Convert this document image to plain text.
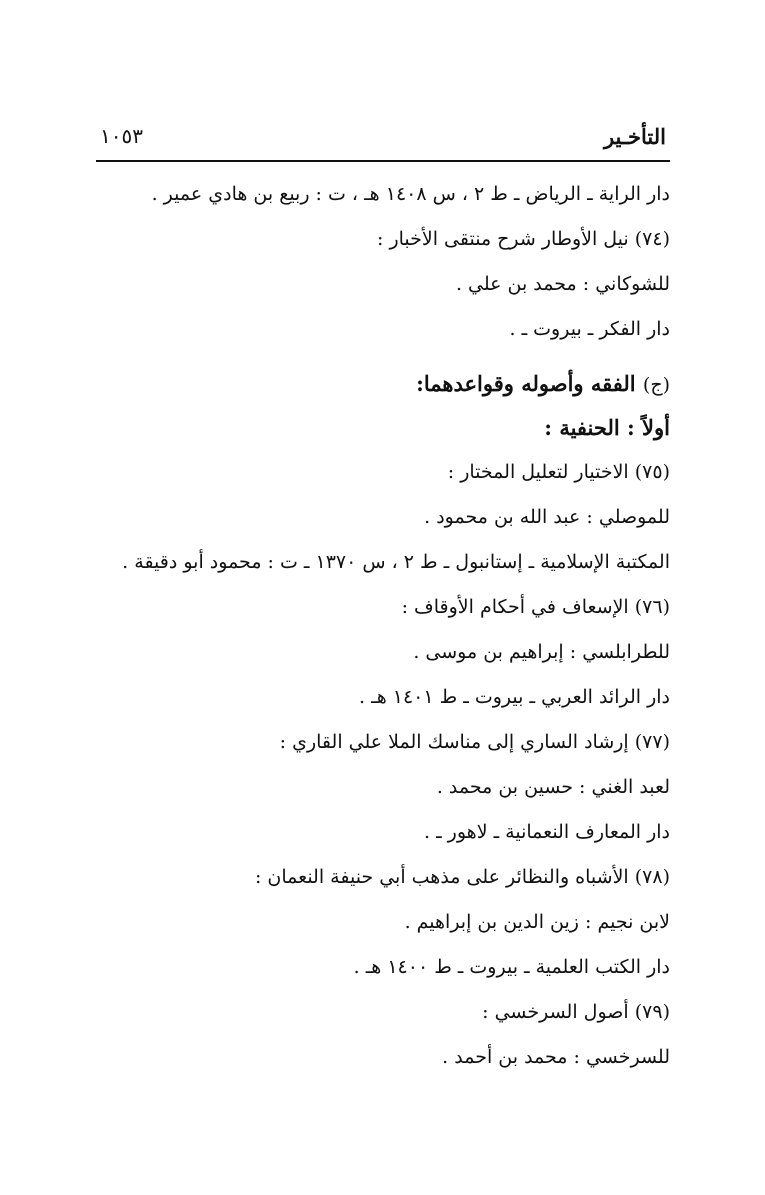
التأخـير
١٠٥٣
دار الراية ـ الرياض ـ ط ٢ ، س ١٤٠٨ هـ ، ت : ربيع بن هادي عمير .
(٧٤) نيل الأوطار شرح منتقى الأخبار :
للشوكاني : محمد بن علي .
دار الفكر ـ بيروت ـ .
(ج) الفقه وأصوله وقواعدهما:
أولاً : الحنفية :
(٧٥) الاختيار لتعليل المختار :
للموصلي : عبد الله بن محمود .
المكتبة الإسلامية ـ إستانبول ـ ط ٢ ، س ١٣٧٠ ـ ت : محمود أبو دقيقة .
(٧٦) الإسعاف في أحكام الأوقاف :
للطرابلسي : إبراهيم بن موسى .
دار الرائد العربي ـ بيروت ـ ط ١٤٠١ هـ .
(٧٧) إرشاد الساري إلى مناسك الملا علي القاري :
لعبد الغني : حسين بن محمد .
دار المعارف النعمانية ـ لاهور ـ .
(٧٨) الأشباه والنظائر على مذهب أبي حنيفة النعمان :
لابن نجيم : زين الدين بن إبراهيم .
دار الكتب العلمية ـ بيروت ـ ط ١٤٠٠ هـ .
(٧٩) أصول السرخسي :
للسرخسي : محمد بن أحمد .
